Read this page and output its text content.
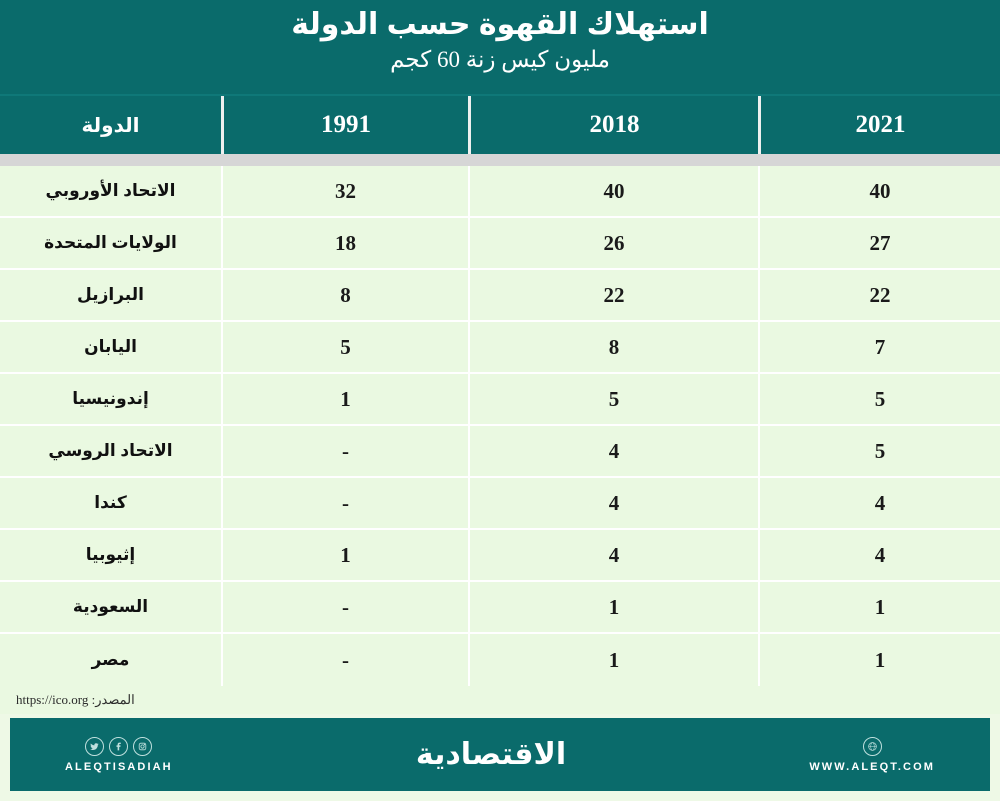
استهلاك القهوة حسب الدولة
مليون كيس زنة 60 كجم
2021
2018
1991
الدولة
40
40
32
الاتحاد الأوروبي
27
26
18
الولايات المتحدة
22
22
8
البرازيل
7
8
5
اليابان
5
5
1
إندونيسيا
5
4
-
الاتحاد الروسي
4
4
-
كندا
4
4
1
إثيوبيا
1
1
-
السعودية
1
1
-
مصر
المصدر: https://ico.org
WWW.ALEQT.COM
الاقتصادية
ALEQTISADIAH
